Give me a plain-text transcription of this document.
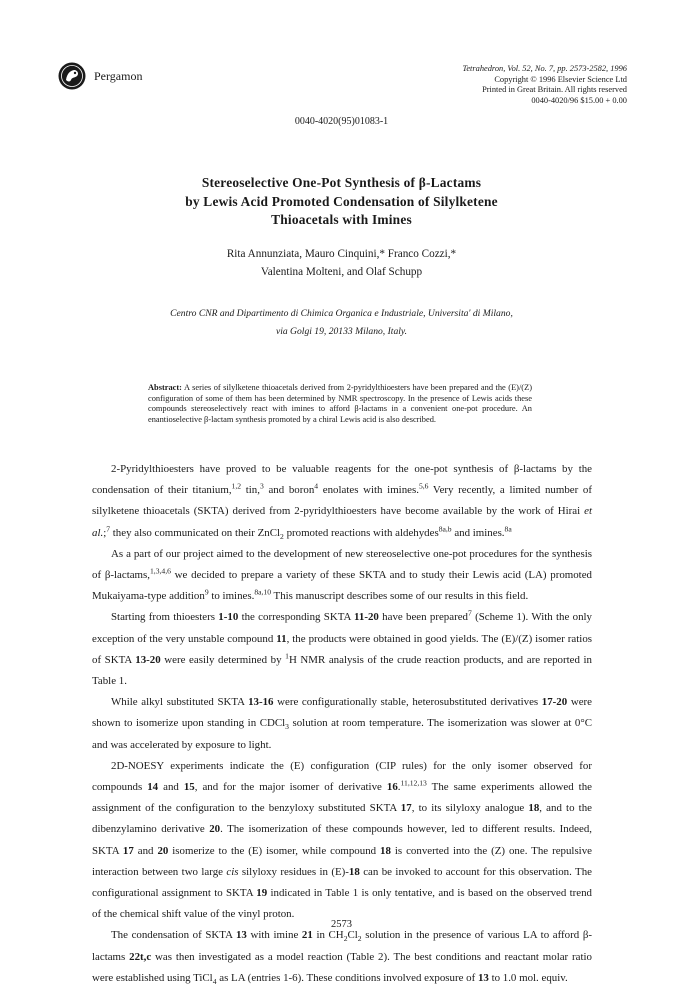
Pergamon
Tetrahedron, Vol. 52, No. 7, pp. 2573-2582, 1996
Copyright © 1996 Elsevier Science Ltd
Printed in Great Britain. All rights reserved
0040-4020/96 $15.00 + 0.00
0040-4020(95)01083-1
Stereoselective One-Pot Synthesis of β-Lactams
by Lewis Acid Promoted Condensation of Silylketene
Thioacetals with Imines
Rita Annunziata, Mauro Cinquini,* Franco Cozzi,*
Valentina Molteni, and Olaf Schupp
Centro CNR and Dipartimento di Chimica Organica e Industriale, Universita' di Milano,
via Golgi 19, 20133 Milano, Italy.
Abstract: A series of silylketene thioacetals derived from 2-pyridylthioesters have been prepared and the (E)/(Z) configuration of some of them has been determined by NMR spectroscopy. In the presence of Lewis acids these compounds stereoselectively react with imines to afford β-lactams in a convenient one-pot procedure. An enantioselective β-lactam synthesis promoted by a chiral Lewis acid is also described.

2-Pyridylthioesters have proved to be valuable reagents for the one-pot synthesis of β-lactams by the condensation of their titanium,$^{1,2}$ tin,$^3$ and boron$^4$ enolates with imines.$^{5,6}$ Very recently, a limited number of silylketene thioacetals (SKTA) derived from 2-pyridylthioesters have become available by the work of Hirai et al.;$^7$ they also communicated on their ZnCl$_2$ promoted reactions with aldehydes$^{8a,b}$ and imines.$^{8a}$

As a part of our project aimed to the development of new stereoselective one-pot procedures for the synthesis of β-lactams,$^{1,3,4,6}$ we decided to prepare a variety of these SKTA and to study their Lewis acid (LA) promoted Mukaiyama-type addition$^9$ to imines.$^{8a,10}$ This manuscript describes some of our results in this field.

Starting from thioesters 1-10 the corresponding SKTA 11-20 have been prepared$^7$ (Scheme 1). With the only exception of the very unstable compound 11, the products were obtained in good yields. The (E)/(Z) isomer ratios of SKTA 13-20 were easily determined by $^1$H NMR analysis of the crude reaction products, and are reported in Table 1.

While alkyl substituted SKTA 13-16 were configurationally stable, heterosubstituted derivatives 17-20 were shown to isomerize upon standing in CDCl$_3$ solution at room temperature. The isomerization was slower at 0°C and was accelerated by exposure to light.

2D-NOESY experiments indicate the (E) configuration (CIP rules) for the only isomer observed for compounds 14 and 15, and for the major isomer of derivative 16.$^{11,12,13}$ The same experiments allowed the assignment of the configuration to the benzyloxy substituted SKTA 17, to its silyloxy analogue 18, and to the dibenzylamino derivative 20. The isomerization of these compounds however, led to different results. Indeed, SKTA 17 and 20 isomerize to the (E) isomer, while compound 18 is converted into the (Z) one. The repulsive interaction between two large cis silyloxy residues in (E)-18 can be invoked to account for this observation. The configurational assignment to SKTA 19 indicated in Table 1 is only tentative, and is based on the observed trend of the chemical shift value of the vinyl proton.

The condensation of SKTA 13 with imine 21 in $CH_2Cl_2$ solution in the presence of various LA to afford β-lactams 22t,c was then investigated as a model reaction (Table 2). The best conditions and reactant molar ratio were established using TiCl$_4$ as LA (entries 1-6). These conditions involved exposure of 13 to 1.0 mol. equiv.

2573
